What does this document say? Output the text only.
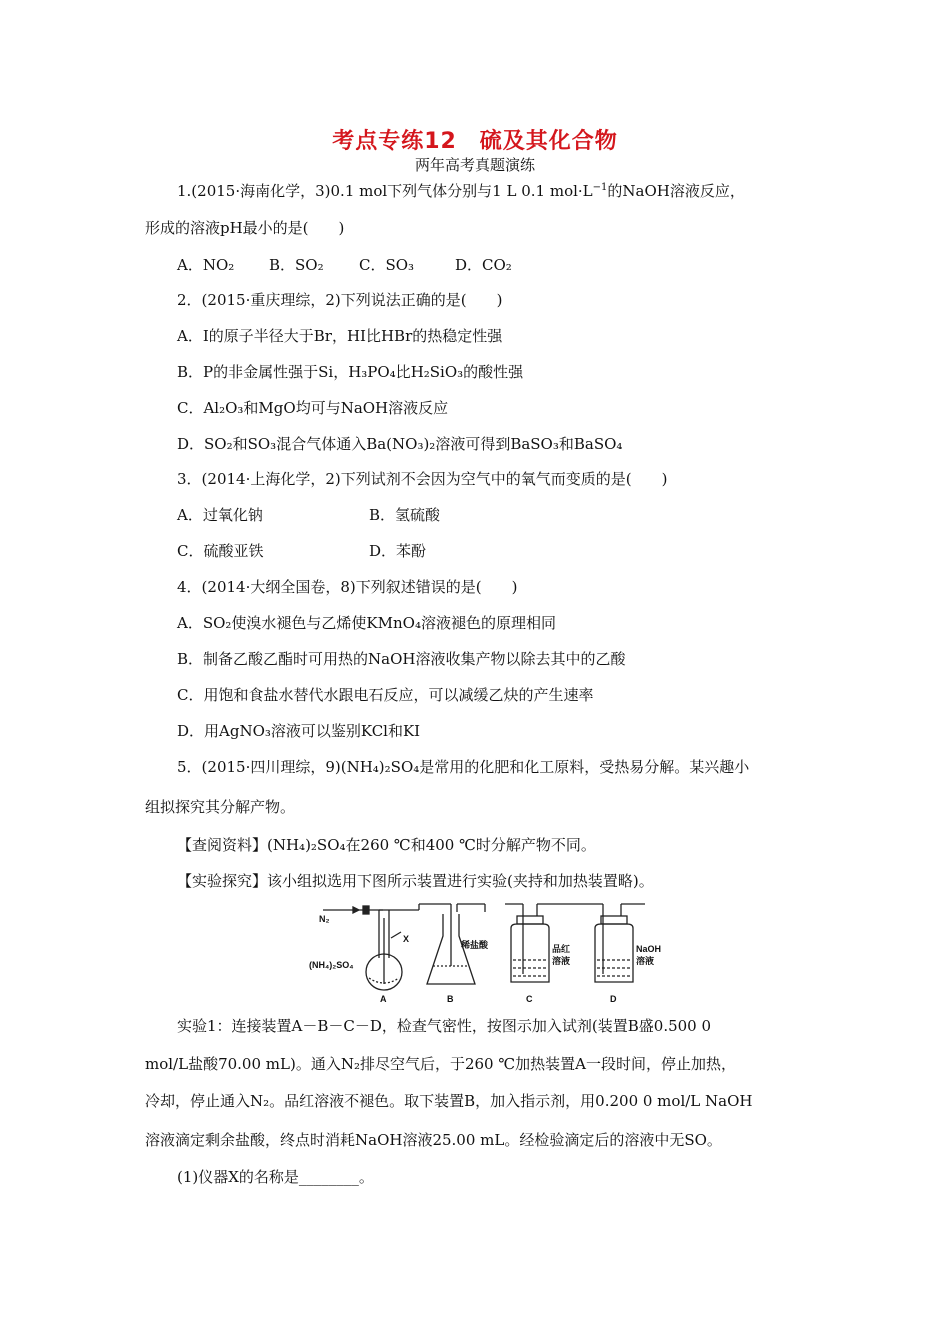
考点专练12　硫及其化合物
两年高考真题演练
1.(2015·海南化学，3)0.1 mol下列气体分别与1 L 0.1 $mol\cdot L^{-1}$的NaOH溶液反应，
形成的溶液pH最小的是(　　)
A．NO₂ B．SO₂ C．SO₃	D．CO₂
2．(2015·重庆理综，2)下列说法正确的是(　　)
A．I的原子半径大于Br，HI比HBr的热稳定性强
B．P的非金属性强于Si，H₃PO₄比H₂SiO₃的酸性强
C．Al₂O₃和MgO均可与NaOH溶液反应
D．SO₂和SO₃混合气体通入Ba(NO₃)₂溶液可得到BaSO₃和BaSO₄
3．(2014·上海化学，2)下列试剂不会因为空气中的氧气而变质的是(　　)
A．过氧化钠	B．氢硫酸
C．硫酸亚铁	D．苯酚
4．(2014·大纲全国卷，8)下列叙述错误的是(　　)
A．SO₂使溴水褪色与乙烯使KMnO₄溶液褪色的原理相同
B．制备乙酸乙酯时可用热的NaOH溶液收集产物以除去其中的乙酸
C．用饱和食盐水替代水跟电石反应，可以减缓乙炔的产生速率
D．用AgNO₃溶液可以鉴别KCl和KI
5．(2015·四川理综，9)(NH₄)₂SO₄是常用的化肥和化工原料，受热易分解。某兴趣小
组拟探究其分解产物。
【查阅资料】(NH₄)₂SO₄在260 ℃和400 ℃时分解产物不同。
【实验探究】该小组拟选用下图所示装置进行实验(夹持和加热装置略)。
N₂
X
(NH₄)₂SO₄
稀盐酸	品红
溶液
NaOH
溶液
A	B	C	D
实验1：连接装置A－B－C－D，检查气密性，按图示加入试剂(装置B盛0.500 0
mol/L盐酸70.00 mL)。通入N₂排尽空气后，于260 ℃加热装置A一段时间，停止加热，
冷却，停止通入N₂。品红溶液不褪色。取下装置B，加入指示剂，用0.200 0 mol/L NaOH
溶液滴定剩余盐酸，终点时消耗NaOH溶液25.00 mL。经检验滴定后的溶液中无SO。
(1)仪器X的名称是________。
